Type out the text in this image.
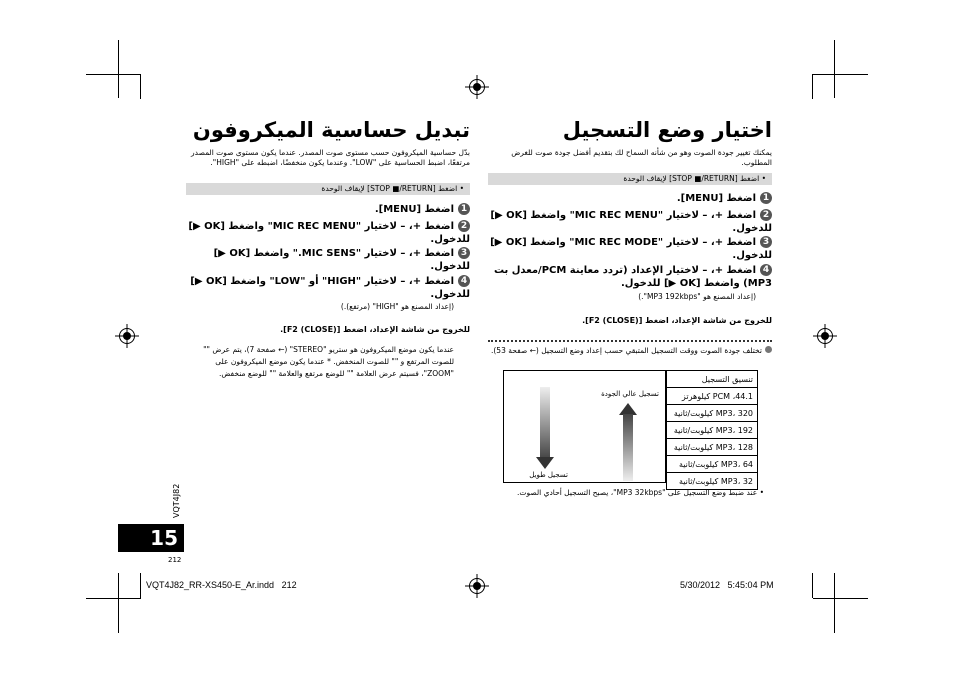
اختيار وضع التسجيل
يمكنك تغيير جودة الصوت وهو من شأنه السماح لك بتقديم أفضل جودة صوت للغرض المطلوب.
• اضغط [STOP ■/RETURN] لإيقاف الوحدة
1اضغط [MENU].
2اضغط +، – لاختيار "MIC REC MENU" واضغط [OK ▶] للدخول.
3اضغط +، – لاختيار "MIC REC MODE" واضغط [OK ▶] للدخول.
4اضغط +، – لاختيار الإعداد (تردد معاينة PCM/معدل بت MP3) واضغط [OK ▶] للدخول.
(إعداد المصنع هو "MP3 192kbps".)
للخروج من شاشة الإعداد، اضغط [F2 (CLOSE)].
تختلف جودة الصوت ووقت التسجيل المتبقي حسب إعداد وضع التسجيل (← صفحة 53).
تسجيل عالي الجودة
تسجيل طويل
تنسيق التسجيل
PCM ،44.1 كيلوهرتز
MP3، 320 كيلوبت/ثانية
MP3، 192 كيلوبت/ثانية
MP3، 128 كيلوبت/ثانية
MP3، 64 كيلوبت/ثانية
MP3، 32 كيلوبت/ثانية
• عند ضبط وضع التسجيل على "MP3 32kbps"، يصبح التسجيل أحادي الصوت.
تبديل حساسية الميكروفون
بدّل حساسية الميكروفون حسب مستوى صوت المصدر. عندما يكون مستوى صوت المصدر مرتفعًا، اضبط الحساسية على "LOW". وعندما يكون منخفضًا، اضبطه على "HIGH".
• اضغط [STOP ■/RETURN] لإيقاف الوحدة
1اضغط [MENU].
2اضغط +، – لاختيار "MIC REC MENU" واضغط [OK ▶] للدخول.
3اضغط +، – لاختيار "MIC SENS." واضغط [OK ▶] للدخول.
4اضغط +، – لاختيار "HIGH" أو "LOW" واضغط [OK ▶] للدخول.
(إعداد المصنع هو "HIGH" (مرتفع).)
للخروج من شاشة الإعداد، اضغط [F2 (CLOSE)].
عندما يكون موضع الميكروفون هو ستريو "STEREO" (← صفحة 7)، يتم عرض "" للصوت المرتفع و "" للصوت المنخفض. * عندما يكون موضع الميكروفون على "ZOOM"، فسيتم عرض العلامة "" للوضع مرتفع والعلامة "" للوضع منخفض.
VQT4J82
15
212
VQT4J82_RR-XS450-E_Ar.indd   212	5/30/2012   5:45:04 PM
